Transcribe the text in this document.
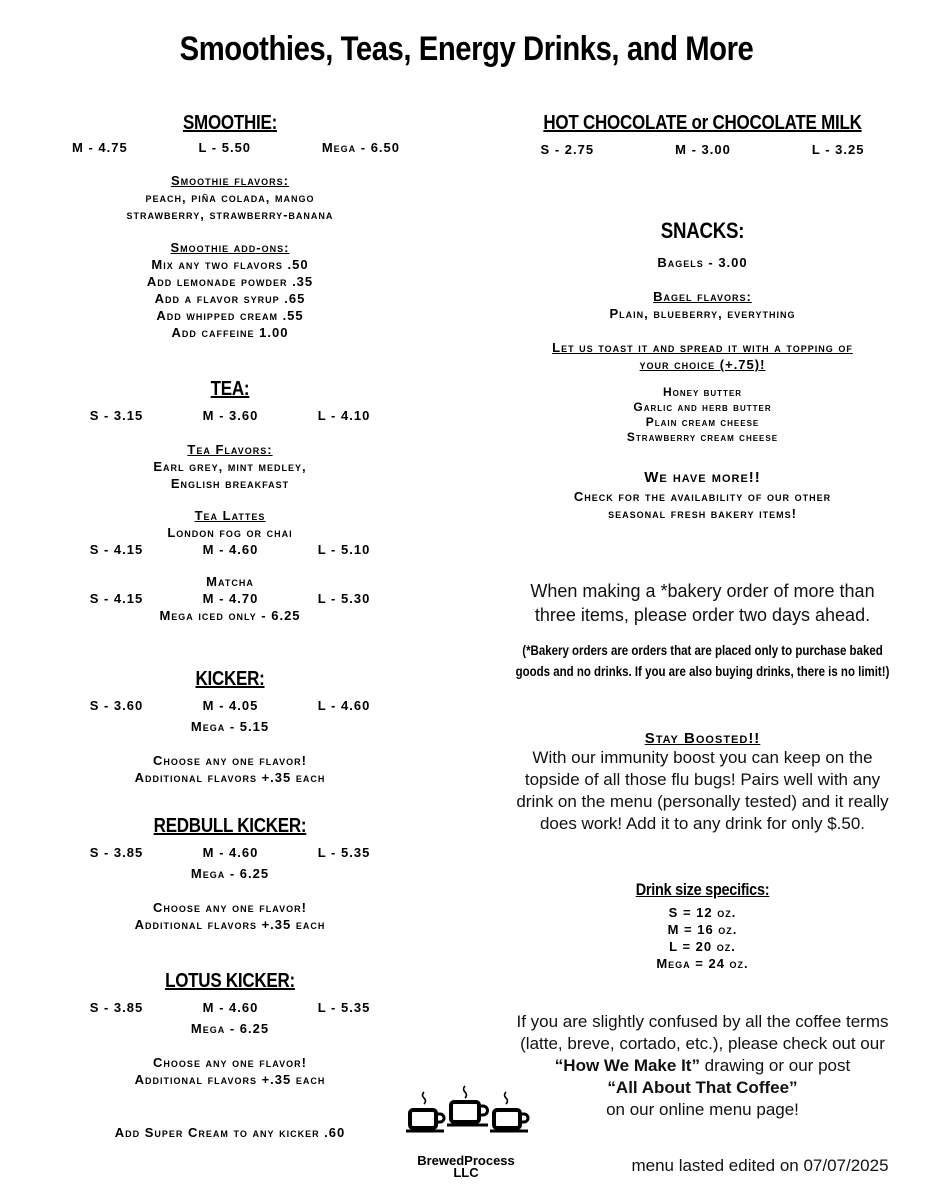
Smoothies, Teas, Energy Drinks, and More
SMOOTHIE:
M - 4.75	L - 5.50	Mega - 6.50
Smoothie flavors:
peach, piña colada, mango
strawberry, strawberry-banana
Smoothie add-ons:
Mix any two flavors .50
Add lemonade powder .35
Add a flavor syrup .65
Add whipped cream .55
Add caffeine 1.00
TEA:
S - 3.15	M - 3.60	L - 4.10
Tea Flavors:
Earl grey, mint medley,
English breakfast
Tea Lattes
London fog or chai
S - 4.15	M - 4.60	L - 5.10
Matcha
S - 4.15	M - 4.70	L - 5.30
Mega iced only - 6.25
KICKER:
S - 3.60	M - 4.05	L - 4.60
Mega - 5.15
Choose any one flavor!
Additional flavors +.35 each
REDBULL KICKER:
S - 3.85	M - 4.60	L - 5.35
Mega - 6.25
Choose any one flavor!
Additional flavors +.35 each
LOTUS KICKER:
S - 3.85	M - 4.60	L - 5.35
Mega - 6.25
Choose any one flavor!
Additional flavors +.35 each
Add Super Cream to any kicker .60
BrewedProcess
LLC
HOT CHOCOLATE or CHOCOLATE MILK
S - 2.75	M - 3.00	L - 3.25
SNACKS:
Bagels - 3.00
Bagel flavors:
Plain, blueberry, everything
Let us toast it and spread it with a topping of
your choice (+.75)!
Honey butter
Garlic and herb butter
Plain cream cheese
Strawberry cream cheese
We have more!!
Check for the availability of our other
seasonal fresh bakery items!
When making a *bakery order of more than
three items, please order two days ahead.
(*Bakery orders are orders that are placed only to purchase baked
goods and no drinks. If you are also buying drinks, there is no limit!)
Stay Boosted!!
With our immunity boost you can keep on the
topside of all those flu bugs! Pairs well with any
drink on the menu (personally tested) and it really
does work! Add it to any drink for only $.50.
Drink size specifics:
S = 12 oz.
M = 16 oz.
L = 20 oz.
Mega = 24 oz.
If you are slightly confused by all the coffee terms
(latte, breve, cortado, etc.), please check out our
“How We Make It” drawing or our post
“All About That Coffee”
on our online menu page!
menu lasted edited on 07/07/2025
